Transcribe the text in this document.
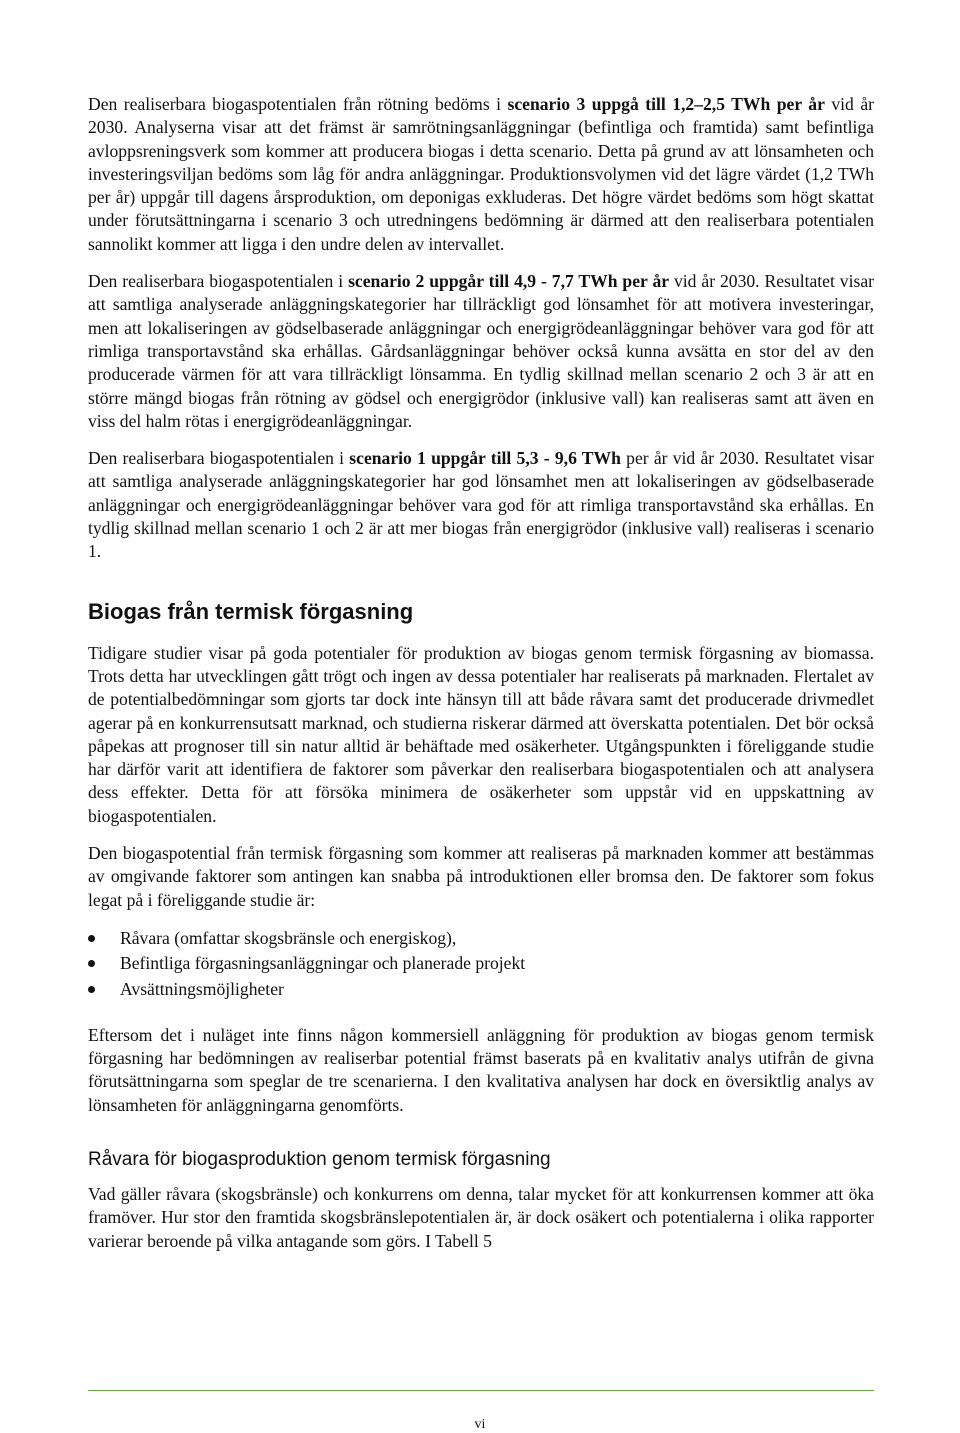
Den realiserbara biogaspotentialen från rötning bedöms i scenario 3 uppgå till 1,2–2,5 TWh per år vid år 2030. Analyserna visar att det främst är samrötningsanläggningar (befintliga och framtida) samt befintliga avloppsreningsverk som kommer att producera biogas i detta scenario. Detta på grund av att lönsamheten och investeringsviljan bedöms som låg för andra anläggningar. Produktionsvolymen vid det lägre värdet (1,2 TWh per år) uppgår till dagens årsproduktion, om deponigas exkluderas. Det högre värdet bedöms som högt skattat under förutsättningarna i scenario 3 och utredningens bedömning är därmed att den realiserbara potentialen sannolikt kommer att ligga i den undre delen av intervallet.

Den realiserbara biogaspotentialen i scenario 2 uppgår till 4,9 - 7,7 TWh per år vid år 2030. Resultatet visar att samtliga analyserade anläggningskategorier har tillräckligt god lönsamhet för att motivera investeringar, men att lokaliseringen av gödselbaserade anläggningar och energigrödeanläggningar behöver vara god för att rimliga transportavstånd ska erhållas. Gårdsanläggningar behöver också kunna avsätta en stor del av den producerade värmen för att vara tillräckligt lönsamma. En tydlig skillnad mellan scenario 2 och 3 är att en större mängd biogas från rötning av gödsel och energigrödor (inklusive vall) kan realiseras samt att även en viss del halm rötas i energigrödeanläggningar.

Den realiserbara biogaspotentialen i scenario 1 uppgår till 5,3 - 9,6 TWh per år vid år 2030. Resultatet visar att samtliga analyserade anläggningskategorier har god lönsamhet men att lokaliseringen av gödselbaserade anläggningar och energigrödeanläggningar behöver vara god för att rimliga transportavstånd ska erhållas. En tydlig skillnad mellan scenario 1 och 2 är att mer biogas från energigrödor (inklusive vall) realiseras i scenario 1.

Biogas från termisk förgasning

Tidigare studier visar på goda potentialer för produktion av biogas genom termisk förgasning av biomassa. Trots detta har utvecklingen gått trögt och ingen av dessa potentialer har realiserats på marknaden. Flertalet av de potentialbedömningar som gjorts tar dock inte hänsyn till att både råvara samt det producerade drivmedlet agerar på en konkurrensutsatt marknad, och studierna riskerar därmed att överskatta potentialen. Det bör också påpekas att prognoser till sin natur alltid är behäftade med osäkerheter. Utgångspunkten i föreliggande studie har därför varit att identifiera de faktorer som påverkar den realiserbara biogaspotentialen och att analysera dess effekter. Detta för att försöka minimera de osäkerheter som uppstår vid en uppskattning av biogaspotentialen.

Den biogaspotential från termisk förgasning som kommer att realiseras på marknaden kommer att bestämmas av omgivande faktorer som antingen kan snabba på introduktionen eller bromsa den. De faktorer som fokus legat på i föreliggande studie är:

Råvara (omfattar skogsbränsle och energiskog),
Befintliga förgasningsanläggningar och planerade projekt
Avsättningsmöjligheter

Eftersom det i nuläget inte finns någon kommersiell anläggning för produktion av biogas genom termisk förgasning har bedömningen av realiserbar potential främst baserats på en kvalitativ analys utifrån de givna förutsättningarna som speglar de tre scenarierna. I den kvalitativa analysen har dock en översiktlig analys av lönsamheten för anläggningarna genomförts.

Råvara för biogasproduktion genom termisk förgasning

Vad gäller råvara (skogsbränsle) och konkurrens om denna, talar mycket för att konkurrensen kommer att öka framöver. Hur stor den framtida skogsbränslepotentialen är, är dock osäkert och potentialerna i olika rapporter varierar beroende på vilka antagande som görs. I Tabell 5

vi
